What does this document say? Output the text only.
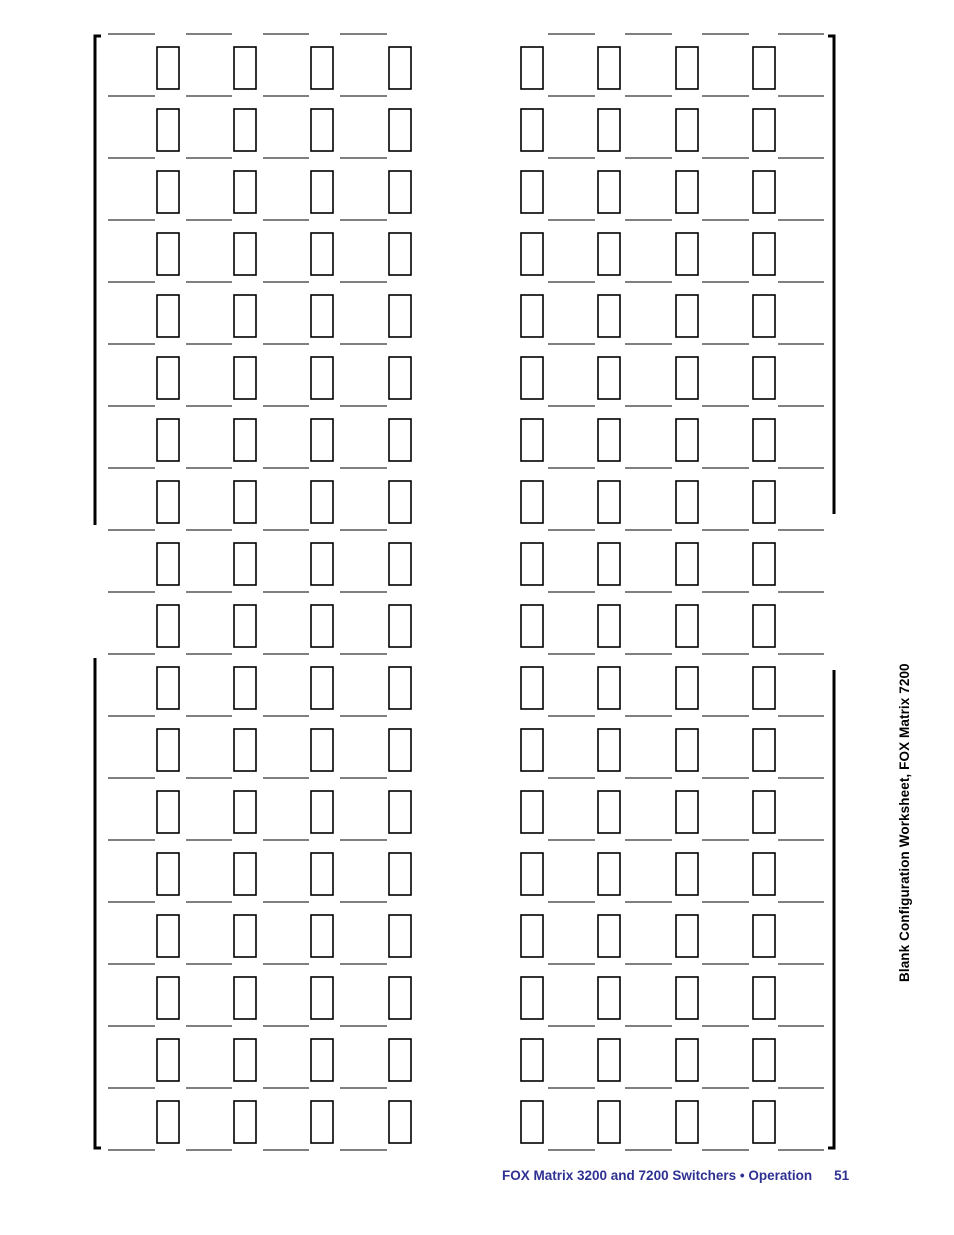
Blank Configuration Worksheet, FOX Matrix 7200
FOX Matrix 3200 and 7200 Switchers • Operation 51
